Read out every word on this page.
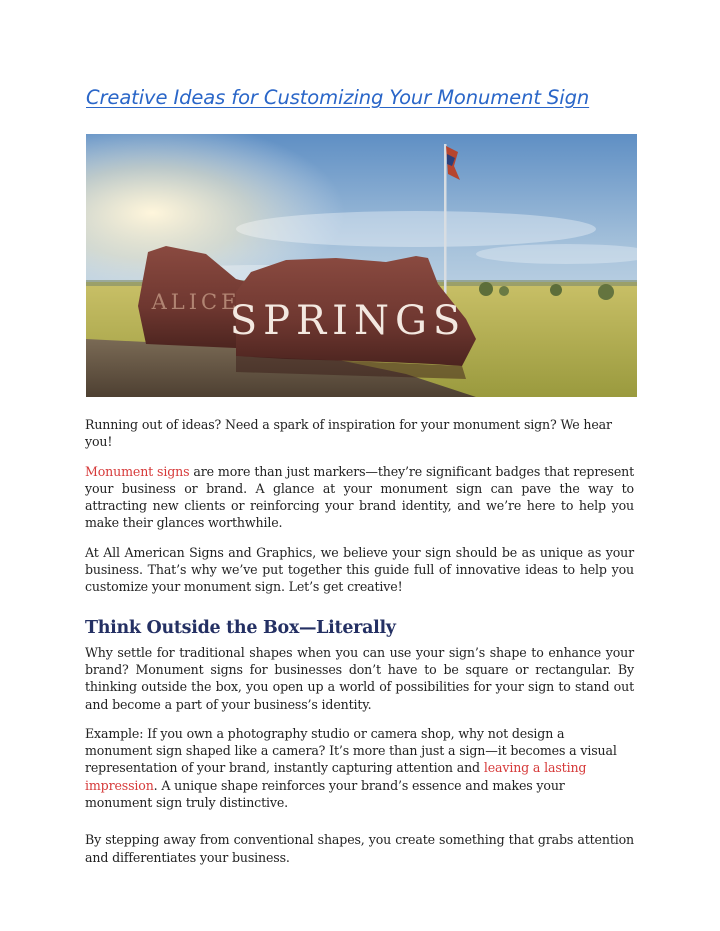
Creative Ideas for Customizing Your Monument Sign
ALICE
SPRINGS

Running out of ideas? Need a spark of inspiration for your monument sign? We hear you!

Monument signs are more than just markers—they’re significant badges that represent your business or brand. A glance at your monument sign can pave the way to attracting new clients or reinforcing your brand identity, and we’re here to help you make their glances worthwhile.

At All American Signs and Graphics, we believe your sign should be as unique as your business. That’s why we’ve put together this guide full of innovative ideas to help you customize your monument sign. Let’s get creative!

Think Outside the Box—Literally

Why settle for traditional shapes when you can use your sign’s shape to enhance your brand? Monument signs for businesses don’t have to be square or rectangular. By thinking outside the box, you open up a world of possibilities for your sign to stand out and become a part of your business’s identity.

Example: If you own a photography studio or camera shop, why not design a monument sign shaped like a camera? It’s more than just a sign—it becomes a visual representation of your brand, instantly capturing attention and leaving a lasting impression. A unique shape reinforces your brand’s essence and makes your monument sign truly distinctive.

By stepping away from conventional shapes, you create something that grabs attention and differentiates your business.
